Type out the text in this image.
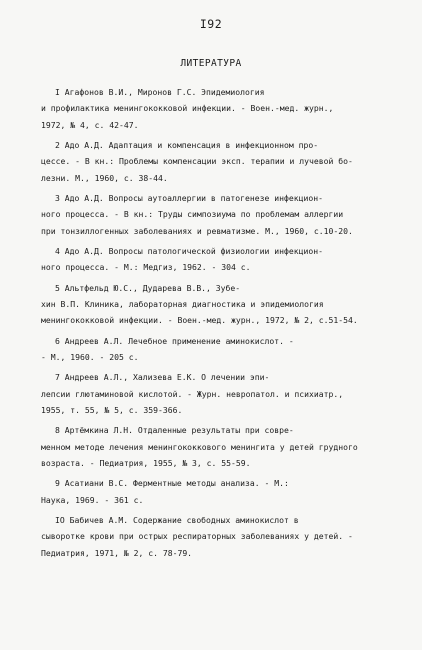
I92
ЛИТЕРАТУРА
I Агафонов В.И., Миронов Г.С. Эпидемиология
и профилактика менингококковой инфекции. - Воен.-мед. журн.,
1972, № 4, с. 42-47.
2 Адо А.Д. Адаптация и компенсация в инфекционном про-
цессе. - В кн.: Проблемы компенсации эксп. терапии и лучевой бо-
лезни. М., 1960, с. 38-44.
3 Адо А.Д. Вопросы аутоаллергии в патогенезе инфекцион-
ного процесса. - В кн.: Труды симпозиума по проблемам аллергии
при тонзиллогенных заболеваниях и ревматизме. М., 1960, с.10-20.
4 Адо А.Д. Вопросы патологической физиологии инфекцион-
ного процесса. - М.: Медгиз, 1962. - 304 с.
5 Альтфельд Ю.С., Дударева В.В., Зубе-
хин В.П. Клиника, лабораторная диагностика и эпидемиология
менингококковой инфекции. - Воен.-мед. журн., 1972, № 2, с.51-54.
6 Андреев А.Л. Лечебное применение аминокислот. -
- М., 1960. - 205 с.
7 Андреев А.Л., Хализева Е.К. О лечении эпи-
лепсии глютаминовой кислотой. - Журн. невропатол. и психиатр.,
1955, т. 55, № 5, с. 359-366.
8 Артёмкина Л.Н. Отдаленные результаты при совре-
менном методе лечения менингококкового менингита у детей грудного
возраста. - Педиатрия, 1955, № 3, с. 55-59.
9 Асатиани В.С. Ферментные методы анализа. - М.:
Наука, 1969. - 361 с.
IO Бабичев А.М. Содержание свободных аминокислот в
сыворотке крови при острых респираторных заболеваниях у детей. -
Педиатрия, 1971, № 2, с. 78-79.
